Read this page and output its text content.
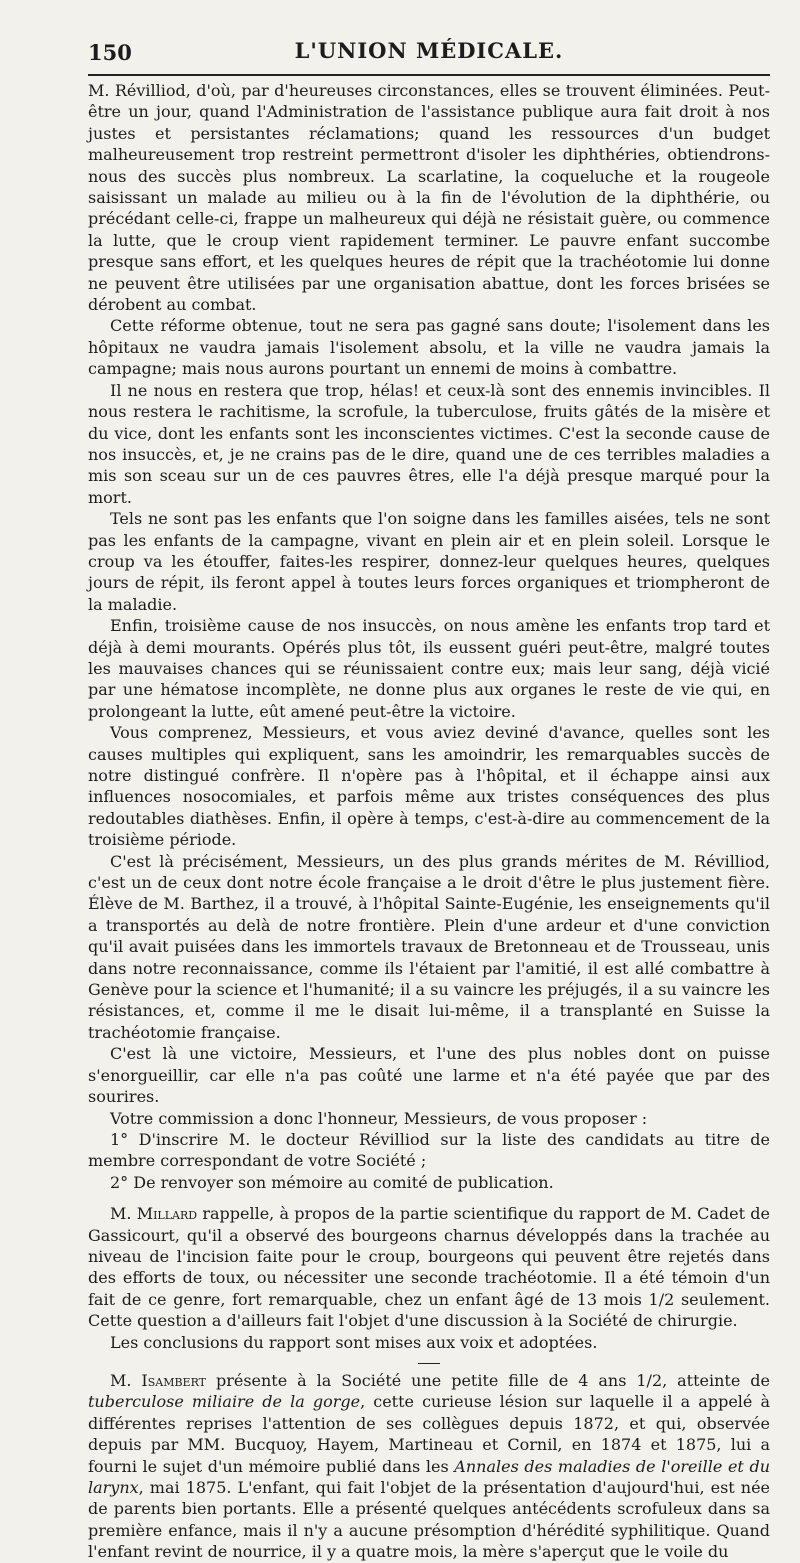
150	L'UNION MÉDICALE.

M. Révilliod, d'où, par d'heureuses circonstances, elles se trouvent éliminées. Peut-être un jour, quand l'Administration de l'assistance publique aura fait droit à nos justes et persistantes réclamations; quand les ressources d'un budget malheureusement trop restreint permettront d'isoler les diphthéries, obtiendrons-nous des succès plus nombreux. La scarlatine, la coqueluche et la rougeole saisissant un malade au milieu ou à la fin de l'évolution de la diphthérie, ou précédant celle-ci, frappe un malheureux qui déjà ne résistait guère, ou commence la lutte, que le croup vient rapidement terminer. Le pauvre enfant succombe presque sans effort, et les quelques heures de répit que la trachéotomie lui donne ne peuvent être utilisées par une organisation abattue, dont les forces brisées se dérobent au combat.

Cette réforme obtenue, tout ne sera pas gagné sans doute; l'isolement dans les hôpitaux ne vaudra jamais l'isolement absolu, et la ville ne vaudra jamais la campagne; mais nous aurons pourtant un ennemi de moins à combattre.

Il ne nous en restera que trop, hélas! et ceux-là sont des ennemis invincibles. Il nous restera le rachitisme, la scrofule, la tuberculose, fruits gâtés de la misère et du vice, dont les enfants sont les inconscientes victimes. C'est la seconde cause de nos insuccès, et, je ne crains pas de le dire, quand une de ces terribles maladies a mis son sceau sur un de ces pauvres êtres, elle l'a déjà presque marqué pour la mort.

Tels ne sont pas les enfants que l'on soigne dans les familles aisées, tels ne sont pas les enfants de la campagne, vivant en plein air et en plein soleil. Lorsque le croup va les étouffer, faites-les respirer, donnez-leur quelques heures, quelques jours de répit, ils feront appel à toutes leurs forces organiques et triompheront de la maladie.

Enfin, troisième cause de nos insuccès, on nous amène les enfants trop tard et déjà à demi mourants. Opérés plus tôt, ils eussent guéri peut-être, malgré toutes les mauvaises chances qui se réunissaient contre eux; mais leur sang, déjà vicié par une hématose incomplète, ne donne plus aux organes le reste de vie qui, en prolongeant la lutte, eût amené peut-être la victoire.

Vous comprenez, Messieurs, et vous aviez deviné d'avance, quelles sont les causes multiples qui expliquent, sans les amoindrir, les remarquables succès de notre distingué confrère. Il n'opère pas à l'hôpital, et il échappe ainsi aux influences nosocomiales, et parfois même aux tristes conséquences des plus redoutables diathèses. Enfin, il opère à temps, c'est-à-dire au commencement de la troisième période.

C'est là précisément, Messieurs, un des plus grands mérites de M. Révilliod, c'est un de ceux dont notre école française a le droit d'être le plus justement fière. Élève de M. Barthez, il a trouvé, à l'hôpital Sainte-Eugénie, les enseignements qu'il a transportés au delà de notre frontière. Plein d'une ardeur et d'une conviction qu'il avait puisées dans les immortels travaux de Bretonneau et de Trousseau, unis dans notre reconnaissance, comme ils l'étaient par l'amitié, il est allé combattre à Genève pour la science et l'humanité; il a su vaincre les préjugés, il a su vaincre les résistances, et, comme il me le disait lui-même, il a transplanté en Suisse la trachéotomie française.

C'est là une victoire, Messieurs, et l'une des plus nobles dont on puisse s'enorgueillir, car elle n'a pas coûté une larme et n'a été payée que par des sourires.

Votre commission a donc l'honneur, Messieurs, de vous proposer :

1° D'inscrire M. le docteur Révilliod sur la liste des candidats au titre de membre correspondant de votre Société ;

2° De renvoyer son mémoire au comité de publication.

M. Millard rappelle, à propos de la partie scientifique du rapport de M. Cadet de Gassicourt, qu'il a observé des bourgeons charnus développés dans la trachée au niveau de l'incision faite pour le croup, bourgeons qui peuvent être rejetés dans des efforts de toux, ou nécessiter une seconde trachéotomie. Il a été témoin d'un fait de ce genre, fort remarquable, chez un enfant âgé de 13 mois 1/2 seulement. Cette question a d'ailleurs fait l'objet d'une discussion à la Société de chirurgie.

Les conclusions du rapport sont mises aux voix et adoptées.

M. Isambert présente à la Société une petite fille de 4 ans 1/2, atteinte de tuberculose miliaire de la gorge, cette curieuse lésion sur laquelle il a appelé à différentes reprises l'attention de ses collègues depuis 1872, et qui, observée depuis par MM. Bucquoy, Hayem, Martineau et Cornil, en 1874 et 1875, lui a fourni le sujet d'un mémoire publié dans les Annales des maladies de l'oreille et du larynx, mai 1875. L'enfant, qui fait l'objet de la présentation d'aujourd'hui, est née de parents bien portants. Elle a présenté quelques antécédents scrofuleux dans sa première enfance, mais il n'y a aucune présomption d'hérédité syphilitique. Quand l'enfant revint de nourrice, il y a quatre mois, la mère s'aperçut que le voile du
